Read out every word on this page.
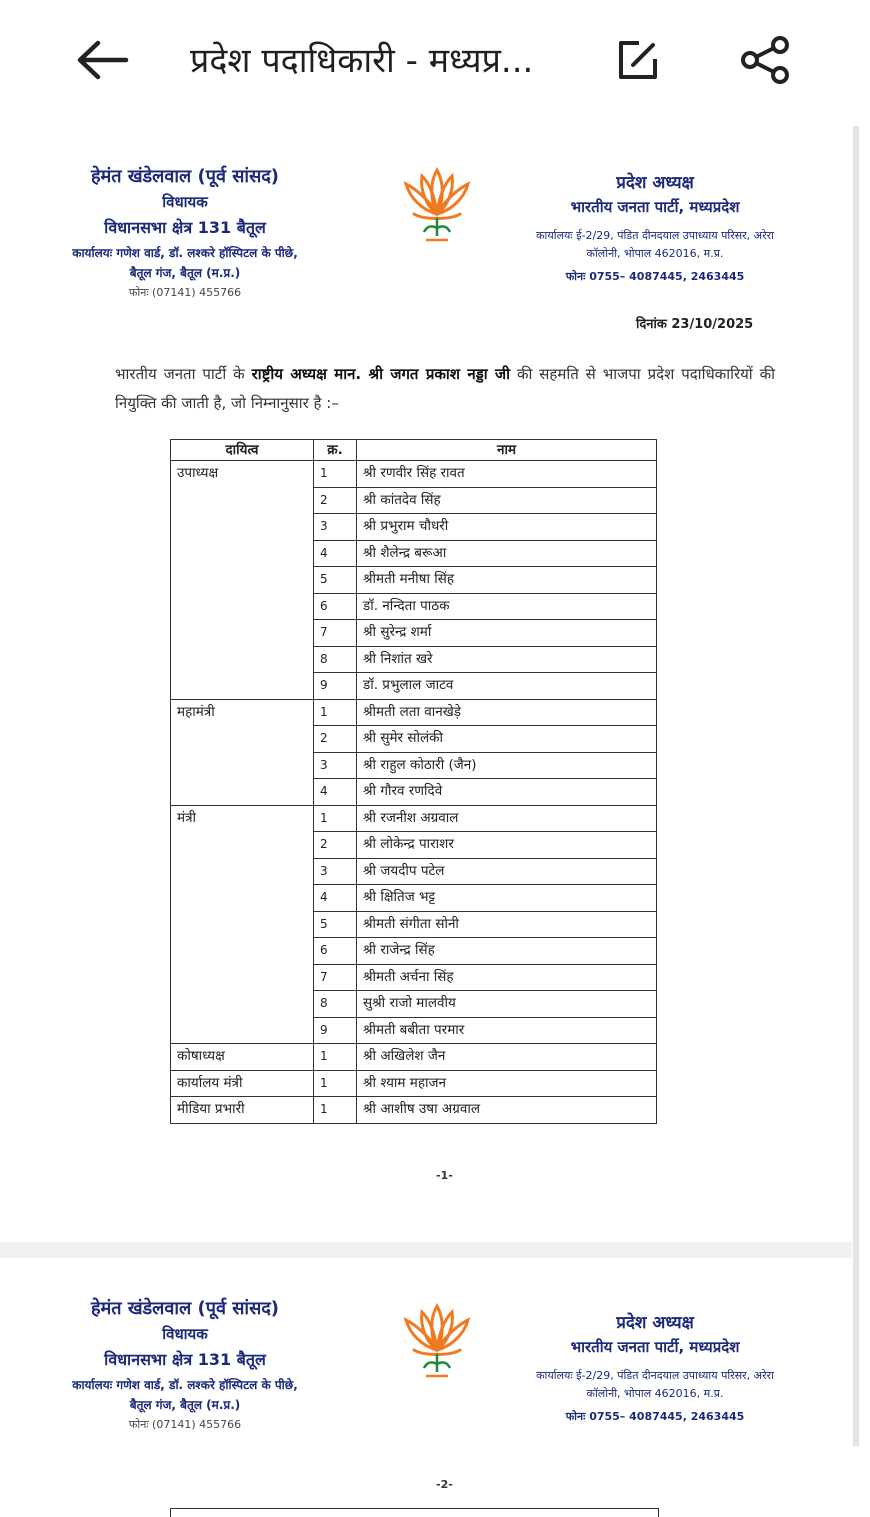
प्रदेश पदाधिकारी - मध्यप्र...
हेमंत खंडेलवाल (पूर्व सांसद)
विधायक
विधानसभा क्षेत्र 131 बैतूल
कार्यालयः गणेश वार्ड, डॉ. लश्करे हॉस्पिटल के पीछे, बैतूल गंज, बैतूल (म.प्र.)
फोनः (07141) 455766
प्रदेश अध्यक्ष
भारतीय जनता पार्टी, मध्यप्रदेश
कार्यालयः ई-2/29, पंडित दीनदयाल उपाध्याय परिसर, अरेरा कॉलोनी, भोपाल 462016, म.प्र.
फोनः 0755– 4087445, 2463445
दिनांक 23/10/2025
भारतीय जनता पार्टी के राष्ट्रीय अध्यक्ष मान. श्री जगत प्रकाश नड्डा जी की सहमति से भाजपा प्रदेश पदाधिकारियों की नियुक्ति की जाती है, जो निम्नानुसार है :–
दायित्व	क्र.	नाम
उपाध्यक्ष	1	श्री रणवीर सिंह रावत
	2	श्री कांतदेव सिंह
	3	श्री प्रभुराम चौधरी
	4	श्री शैलेन्द्र बरूआ
	5	श्रीमती मनीषा सिंह
	6	डॉ. नन्दिता पाठक
	7	श्री सुरेन्द्र शर्मा
	8	श्री निशांत खरे
	9	डॉ. प्रभुलाल जाटव
महामंत्री	1	श्रीमती लता वानखेड़े
	2	श्री सुमेर सोलंकी
	3	श्री राहुल कोठारी (जैन)
	4	श्री गौरव रणदिवे
मंत्री	1	श्री रजनीश अग्रवाल
	2	श्री लोकेन्द्र पाराशर
	3	श्री जयदीप पटेल
	4	श्री क्षितिज भट्ट
	5	श्रीमती संगीता सोनी
	6	श्री राजेन्द्र सिंह
	7	श्रीमती अर्चना सिंह
	8	सुश्री राजो मालवीय
	9	श्रीमती बबीता परमार
कोषाध्यक्ष	1	श्री अखिलेश जैन
कार्यालय मंत्री	1	श्री श्याम महाजन
मीडिया प्रभारी	1	श्री आशीष उषा अग्रवाल
-1-
हेमंत खंडेलवाल (पूर्व सांसद)
विधायक
विधानसभा क्षेत्र 131 बैतूल
कार्यालयः गणेश वार्ड, डॉ. लश्करे हॉस्पिटल के पीछे, बैतूल गंज, बैतूल (म.प्र.)
फोनः (07141) 455766
प्रदेश अध्यक्ष
भारतीय जनता पार्टी, मध्यप्रदेश
कार्यालयः ई-2/29, पंडित दीनदयाल उपाध्याय परिसर, अरेरा कॉलोनी, भोपाल 462016, म.प्र.
फोनः 0755– 4087445, 2463445
-2-
